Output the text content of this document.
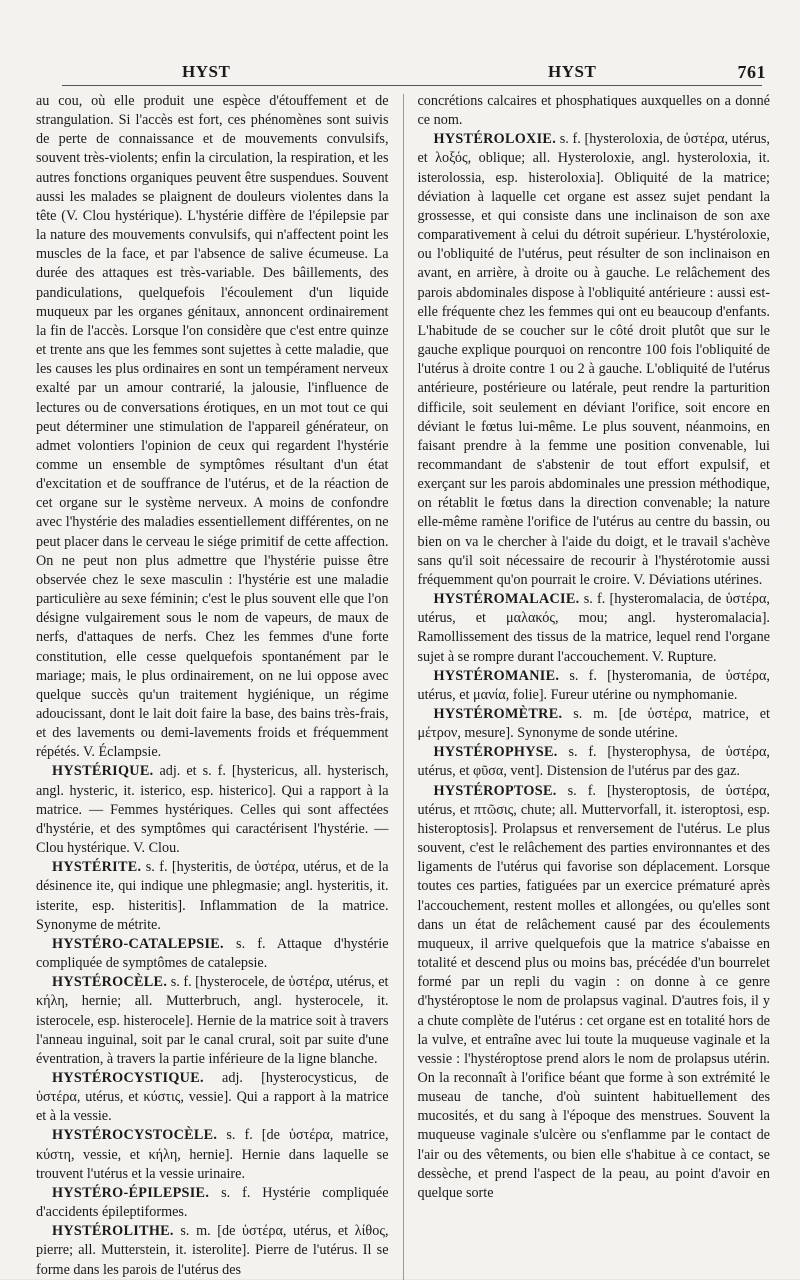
HYST	HYST	761

au cou, où elle produit une espèce d'étouffement et de strangulation. Si l'accès est fort, ces phénomènes sont suivis de perte de connaissance et de mouvements convulsifs, souvent très-violents; enfin la circulation, la respiration, et les autres fonctions organiques peuvent être suspendues. Souvent aussi les malades se plaignent de douleurs violentes dans la tête (V. Clou hystérique). L'hystérie diffère de l'épilepsie par la nature des mouvements convulsifs, qui n'affectent point les muscles de la face, et par l'absence de salive écumeuse. La durée des attaques est très-variable. Des bâillements, des pandiculations, quelquefois l'écoulement d'un liquide muqueux par les organes génitaux, annoncent ordinairement la fin de l'accès. Lorsque l'on considère que c'est entre quinze et trente ans que les femmes sont sujettes à cette maladie, que les causes les plus ordinaires en sont un tempérament nerveux exalté par un amour contrarié, la jalousie, l'influence de lectures ou de conversations érotiques, en un mot tout ce qui peut déterminer une stimulation de l'appareil générateur, on admet volontiers l'opinion de ceux qui regardent l'hystérie comme un ensemble de symptômes résultant d'un état d'excitation et de souffrance de l'utérus, et de la réaction de cet organe sur le système nerveux. A moins de confondre avec l'hystérie des maladies essentiellement différentes, on ne peut placer dans le cerveau le siége primitif de cette affection. On ne peut non plus admettre que l'hystérie puisse être observée chez le sexe masculin : l'hystérie est une maladie particulière au sexe féminin; c'est le plus souvent elle que l'on désigne vulgairement sous le nom de vapeurs, de maux de nerfs, d'attaques de nerfs. Chez les femmes d'une forte constitution, elle cesse quelquefois spontanément par le mariage; mais, le plus ordinairement, on ne lui oppose avec quelque succès qu'un traitement hygiénique, un régime adoucissant, dont le lait doit faire la base, des bains très-frais, et des lavements ou demi-lavements froids et fréquemment répétés. V. Éclampsie.

HYSTÉRIQUE. adj. et s. f. [hystericus, all. hysterisch, angl. hysteric, it. isterico, esp. histerico]. Qui a rapport à la matrice. — Femmes hystériques. Celles qui sont affectées d'hystérie, et des symptômes qui caractérisent l'hystérie. — Clou hystérique. V. Clou.

HYSTÉRITE. s. f. [hysteritis, de ὑστέρα, utérus, et de la désinence ite, qui indique une phlegmasie; angl. hysteritis, it. isterite, esp. histeritis]. Inflammation de la matrice. Synonyme de métrite.

HYSTÉRO-CATALEPSIE. s. f. Attaque d'hystérie compliquée de symptômes de catalepsie.

HYSTÉROCÈLE. s. f. [hysterocele, de ὑστέρα, utérus, et κήλη, hernie; all. Mutterbruch, angl. hysterocele, it. isterocele, esp. histerocele]. Hernie de la matrice soit à travers l'anneau inguinal, soit par le canal crural, soit par suite d'une éventration, à travers la partie inférieure de la ligne blanche.

HYSTÉROCYSTIQUE. adj. [hysterocysticus, de ὑστέρα, utérus, et κύστις, vessie]. Qui a rapport à la matrice et à la vessie.

HYSTÉROCYSTOCÈLE. s. f. [de ὑστέρα, matrice, κύστη, vessie, et κήλη, hernie]. Hernie dans laquelle se trouvent l'utérus et la vessie urinaire.

HYSTÉRO-ÉPILEPSIE. s. f. Hystérie compliquée d'accidents épileptiformes.

HYSTÉROLITHE. s. m. [de ὑστέρα, utérus, et λίθος, pierre; all. Mutterstein, it. isterolite]. Pierre de l'utérus. Il se forme dans les parois de l'utérus des

concrétions calcaires et phosphatiques auxquelles on a donné ce nom.

HYSTÉROLOXIE. s. f. [hysteroloxia, de ὑστέρα, utérus, et λοξός, oblique; all. Hysteroloxie, angl. hysteroloxia, it. isterolossia, esp. histeroloxia]. Obliquité de la matrice; déviation à laquelle cet organe est assez sujet pendant la grossesse, et qui consiste dans une inclinaison de son axe comparativement à celui du détroit supérieur. L'hystéroloxie, ou l'obliquité de l'utérus, peut résulter de son inclinaison en avant, en arrière, à droite ou à gauche. Le relâchement des parois abdominales dispose à l'obliquité antérieure : aussi est-elle fréquente chez les femmes qui ont eu beaucoup d'enfants. L'habitude de se coucher sur le côté droit plutôt que sur le gauche explique pourquoi on rencontre 100 fois l'obliquité de l'utérus à droite contre 1 ou 2 à gauche. L'obliquité de l'utérus antérieure, postérieure ou latérale, peut rendre la parturition difficile, soit seulement en déviant l'orifice, soit encore en déviant le fœtus lui-même. Le plus souvent, néanmoins, en faisant prendre à la femme une position convenable, lui recommandant de s'abstenir de tout effort expulsif, et exerçant sur les parois abdominales une pression méthodique, on rétablit le fœtus dans la direction convenable; la nature elle-même ramène l'orifice de l'utérus au centre du bassin, ou bien on va le chercher à l'aide du doigt, et le travail s'achève sans qu'il soit nécessaire de recourir à l'hystérotomie aussi fréquemment qu'on pourrait le croire. V. Déviations utérines.

HYSTÉROMALACIE. s. f. [hysteromalacia, de ὑστέρα, utérus, et μαλακός, mou; angl. hysteromalacia]. Ramollissement des tissus de la matrice, lequel rend l'organe sujet à se rompre durant l'accouchement. V. Rupture.

HYSTÉROMANIE. s. f. [hysteromania, de ὑστέρα, utérus, et μανία, folie]. Fureur utérine ou nymphomanie.

HYSTÉROMÈTRE. s. m. [de ὑστέρα, matrice, et μέτρον, mesure]. Synonyme de sonde utérine.

HYSTÉROPHYSE. s. f. [hysterophysa, de ὑστέρα, utérus, et φῦσα, vent]. Distension de l'utérus par des gaz.

HYSTÉROPTOSE. s. f. [hysteroptosis, de ὑστέρα, utérus, et πτῶσις, chute; all. Muttervorfall, it. isteroptosi, esp. histeroptosis]. Prolapsus et renversement de l'utérus. Le plus souvent, c'est le relâchement des parties environnantes et des ligaments de l'utérus qui favorise son déplacement. Lorsque toutes ces parties, fatiguées par un exercice prématuré après l'accouchement, restent molles et allongées, ou qu'elles sont dans un état de relâchement causé par des écoulements muqueux, il arrive quelquefois que la matrice s'abaisse en totalité et descend plus ou moins bas, précédée d'un bourrelet formé par un repli du vagin : on donne à ce genre d'hystéroptose le nom de prolapsus vaginal. D'autres fois, il y a chute complète de l'utérus : cet organe est en totalité hors de la vulve, et entraîne avec lui toute la muqueuse vaginale et la vessie : l'hystéroptose prend alors le nom de prolapsus utérin. On la reconnaît à l'orifice béant que forme à son extrémité le museau de tanche, d'où suintent habituellement des mucosités, et du sang à l'époque des menstrues. Souvent la muqueuse vaginale s'ulcère ou s'enflamme par le contact de l'air ou des vêtements, ou bien elle s'habitue à ce contact, se dessèche, et prend l'aspect de la peau, au point d'avoir en quelque sorte
